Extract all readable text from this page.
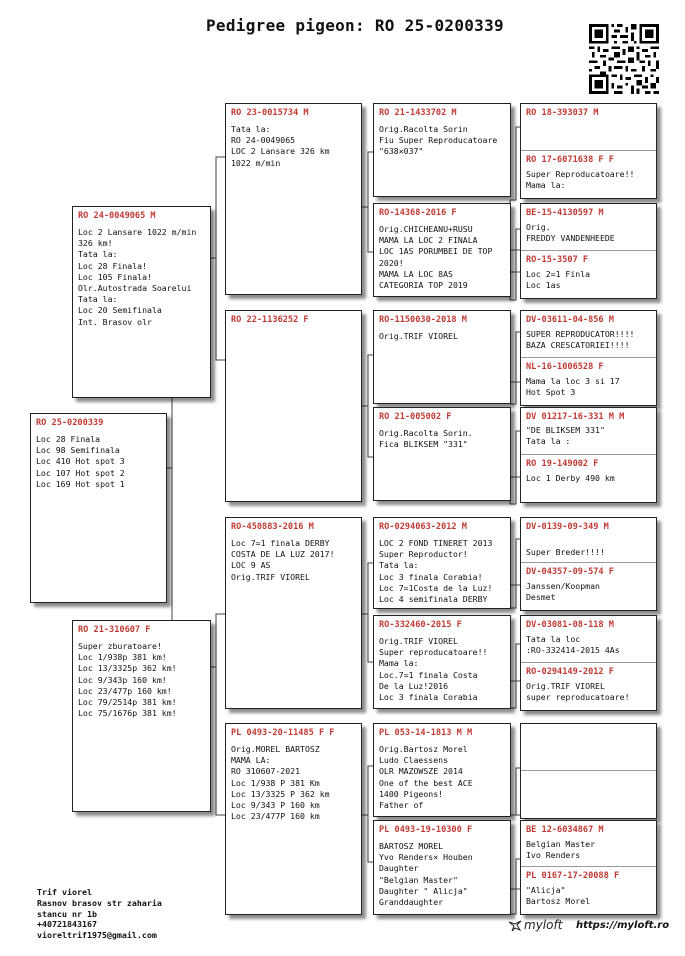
Pedigree pigeon: RO 25-0200339
RO 25-0200339
Loc 28 Finala
Loc 98 Semifinala
Loc 410 Hot spot 3
Loc 107 Hot spot 2
Loc 169 Hot spot 1
RO 24-0049065 M
Loc 2 Lansare 1022 m/min
326 km!
Tata la:
Loc 28 Finala!
Loc 105 Finala!
Olr.Autostrada Soarelui
Tata la:
Loc 20 Semifinala
Int. Brasov olr
RO 21-310607 F
Super zburatoare!
Loc 1/938p 381 km!
Loc 13/3325p 362 km!
Loc 9/343p 160 km!
Loc 23/477p 160 km!
Loc 79/2514p 381 km!
Loc 75/1676p 381 km!
RO 23-0015734 M
Tata la:
RO 24-0049065
LOC 2 Lansare 326 km
1022 m/min
RO 22-1136252 F
RO-450883-2016 M
Loc 7=1 finala DERBY
COSTA DE LA LUZ 2017!
LOC 9 AS
Orig.TRIF VIOREL
PL 0493-20-11485 F F
Orig.MOREL BARTOSZ
MAMA LA:
RO 310607-2021
Loc 1/938 P 381 Km
Loc 13/3325 P 362 km
Loc 9/343 P 160 km
Loc 23/477P 160 km
RO 21-1433702 M
Orig.Racolta Sorin
Fiu Super Reproducatoare
"638×037"
RO-14368-2016 F
Orig.CHICHEANU+RUSU
MAMA LA LOC 2 FINALA
LOC 1AS PORUMBEI DE TOP
2020!
MAMA LA LOC 8AS
CATEGORIA TOP 2019
RO-1150030-2018 M
Orig.TRIF VIOREL
RO 21-005002 F
Orig.Racolta Sorin.
Fica BLIKSEM "331"
RO-0294063-2012 M
LOC 2 FOND TINERET 2013
Super Reproductor!
Tata la:
Loc 3 finala Corabia!
Loc 7=1Costa de la Luz!
Loc 4 semifinala DERBY
RO-332460-2015 F
Orig.TRIF VIOREL
Super reproducatoare!!
Mama la:
Loc.7=1 finala Costa
De la Luz!2016
Loc 3 finala Corabia
PL 053-14-1813 M M
Orig.Bartosz Morel
Ludo Claessens
OLR MAZOWSZE 2014
One of the best ACE
1400 Pigeons!
Father of
PL 0493-19-10300 F
BARTOSZ MOREL
Yvo Renders× Houben
Daughter
"Belgian Master"
Daughter " Alicja"
Granddaughter
RO 18-393037 M
RO 17-6071638 F F
Super Reproducatoare!!
Mama la:
BE-15-4130597 M
Orig.
FREDDY VANDENHEEDE
RO-15-3507 F
Loc 2=1 Finla
Loc 1as
DV-03611-04-856 M
SUPER REPRODUCATOR!!!!
BAZA CRESCATORIEI!!!!
NL-16-1006528 F
Mama la loc 3 si 17
Hot Spot 3
DV 01217-16-331 M M
"DE BLIKSEM 331"
Tata la :
RO 19-149002 F
Loc 1 Derby 490 km
DV-0139-09-349 M

Super Breder!!!!
DV-04357-09-574 F
Janssen/Koopman
Desmet
DV-03081-08-118 M
Tata la loc
:RO-332414-2015 4As
RO-0294149-2012 F
Orig.TRIF VIOREL
super reproducatoare!
BE 12-6034867 M
Belgian Master
Ivo Renders
PL 0167-17-20088 F
"Alicja"
Bartosz Morel
Trif viorel
Rasnov brasov str zaharia
stancu nr 1b
+40721843167
vioreltrif1975@gmail.com
myloft https://myloft.ro
